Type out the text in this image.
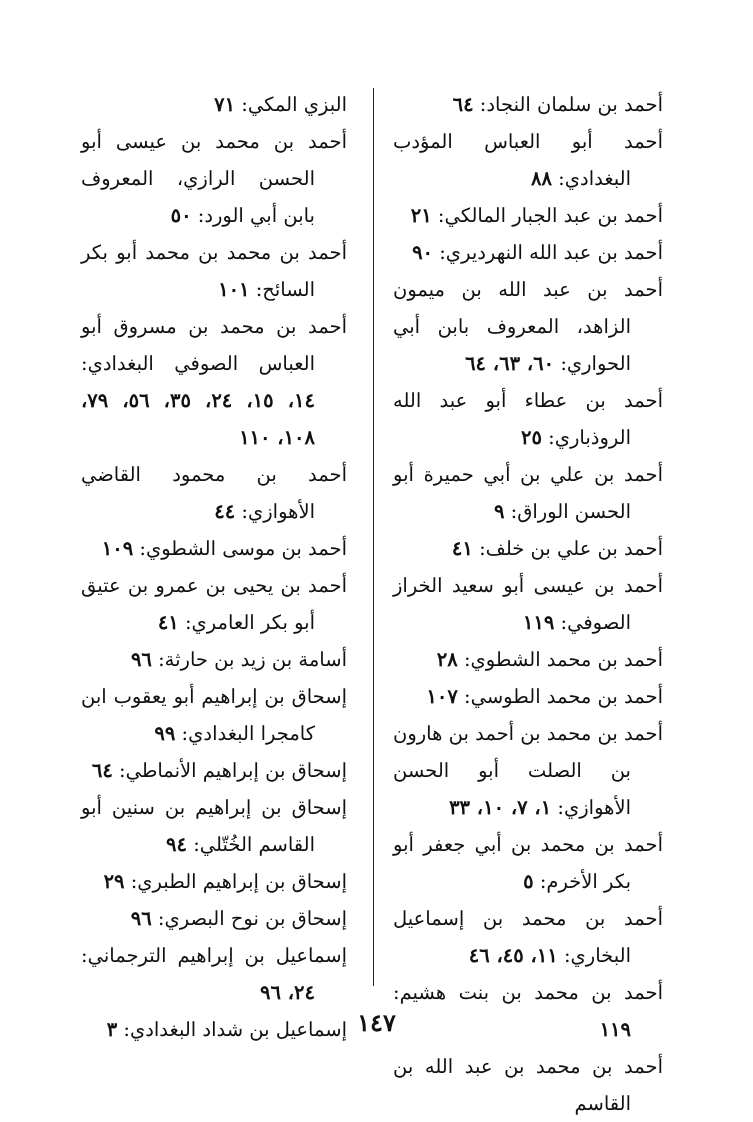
أحمد بن سلمان النجاد: ٦٤

أحمد أبو العباس المؤدب البغدادي: ٨٨

أحمد بن عبد الجبار المالكي: ٢١

أحمد بن عبد الله النهرديري: ٩٠

أحمد بن عبد الله بن ميمون الزاهد، المعروف بابن أبي الحواري: ٦٠، ٦٣، ٦٤

أحمد بن عطاء أبو عبد الله الروذباري: ٢٥

أحمد بن علي بن أبي حميرة أبو الحسن الوراق: ٩

أحمد بن علي بن خلف: ٤١

أحمد بن عيسى أبو سعيد الخراز الصوفي: ١١٩

أحمد بن محمد الشطوي: ٢٨

أحمد بن محمد الطوسي: ١٠٧

أحمد بن محمد بن أحمد بن هارون بن الصلت أبو الحسن الأهوازي: ١، ٧، ١٠، ٣٣

أحمد بن محمد بن أبي جعفر أبو بكر الأخرم: ٥

أحمد بن محمد بن إسماعيل البخاري: ١١، ٤٥، ٤٦

أحمد بن محمد بن بنت هشيم: ١١٩

أحمد بن محمد بن عبد الله بن القاسم

البزي المكي: ٧١

أحمد بن محمد بن عيسى أبو الحسن الرازي، المعروف بابن أبي الورد: ٥٠

أحمد بن محمد بن محمد أبو بكر السائح: ١٠١

أحمد بن محمد بن مسروق أبو العباس الصوفي البغدادي: ١٤، ١٥، ٢٤، ٣٥، ٥٦، ٧٩، ١٠٨، ١١٠

أحمد بن محمود القاضي الأهوازي: ٤٤

أحمد بن موسى الشطوي: ١٠٩

أحمد بن يحيى بن عمرو بن عتيق أبو بكر العامري: ٤١

أسامة بن زيد بن حارثة: ٩٦

إسحاق بن إبراهيم أبو يعقوب ابن كامجرا البغدادي: ٩٩

إسحاق بن إبراهيم الأنماطي: ٦٤

إسحاق بن إبراهيم بن سنين أبو القاسم الخُتّلي: ٩٤

إسحاق بن إبراهيم الطبري: ٢٩

إسحاق بن نوح البصري: ٩٦

إسماعيل بن إبراهيم الترجماني: ٢٤، ٩٦

إسماعيل بن شداد البغدادي: ٣	١٤٧
